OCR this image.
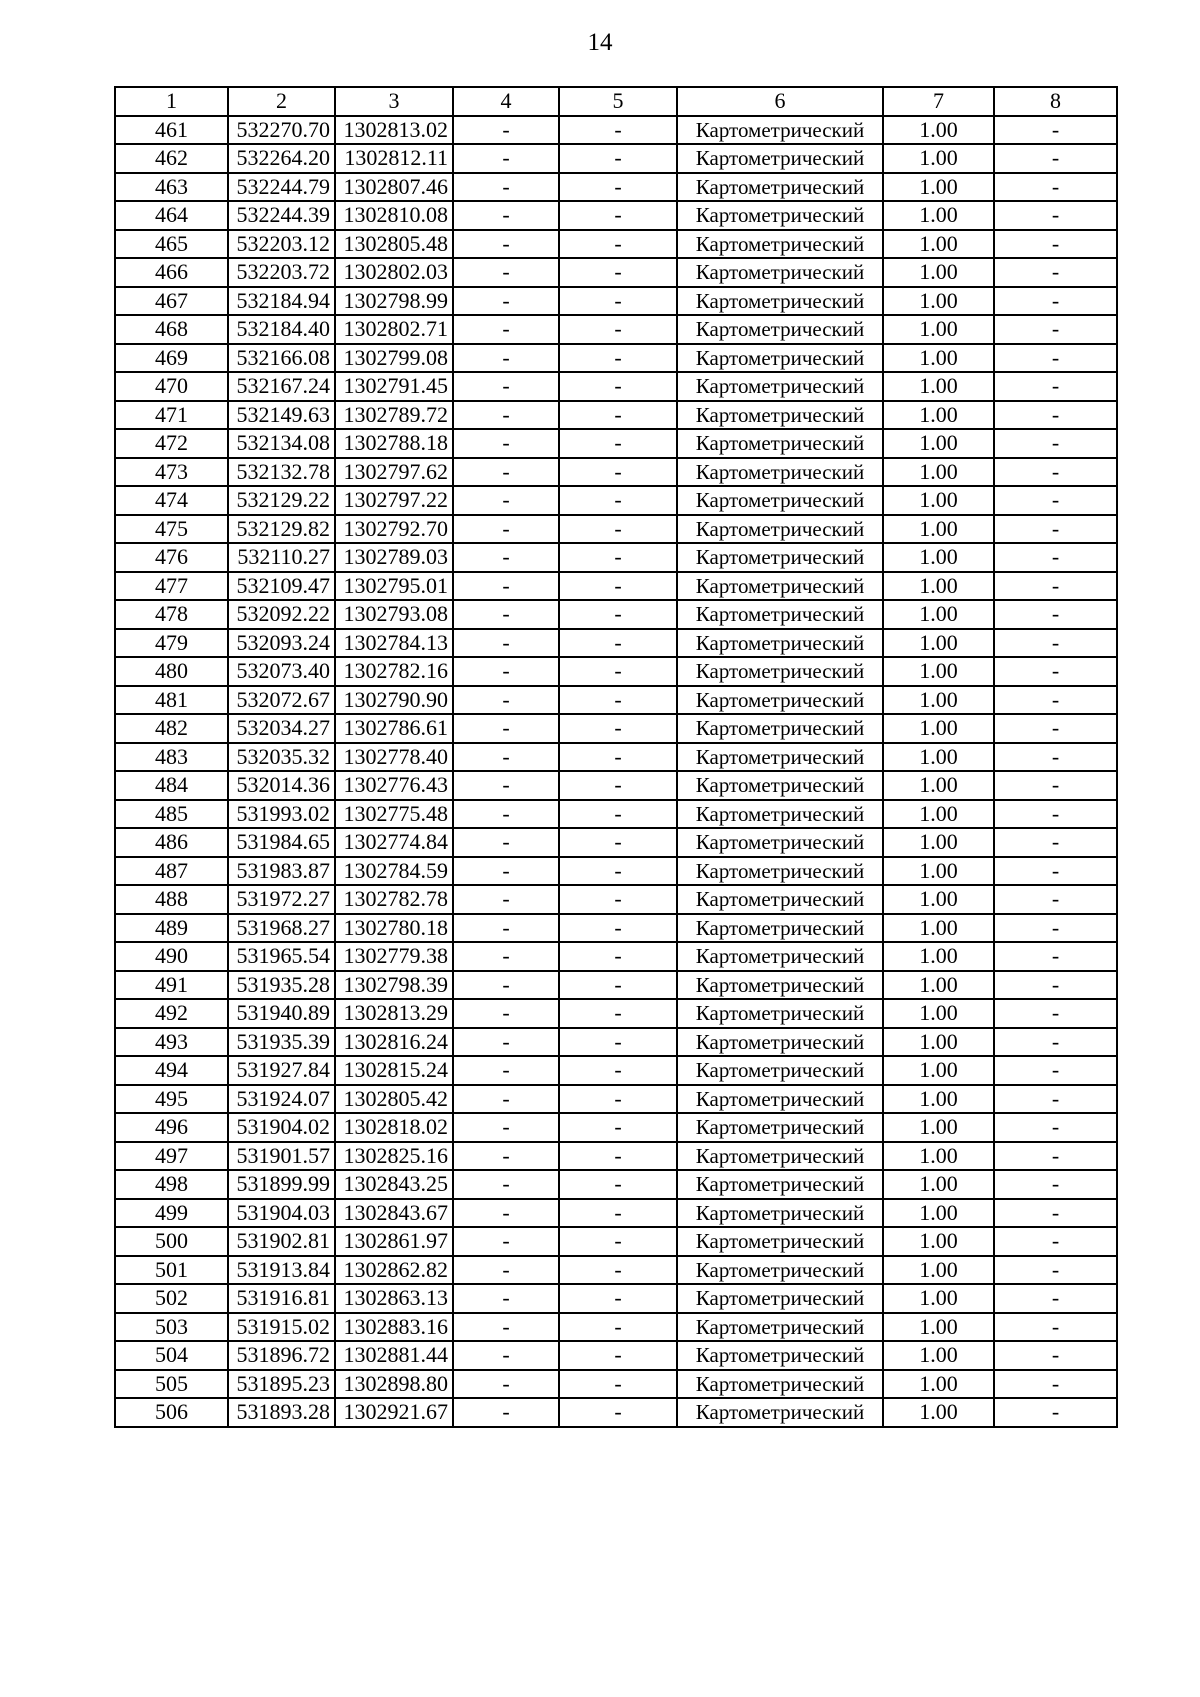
14
1	2	3	4	5	6	7	8
461	532270.70	1302813.02	-	-	Картометрический	1.00	-
462	532264.20	1302812.11	-	-	Картометрический	1.00	-
463	532244.79	1302807.46	-	-	Картометрический	1.00	-
464	532244.39	1302810.08	-	-	Картометрический	1.00	-
465	532203.12	1302805.48	-	-	Картометрический	1.00	-
466	532203.72	1302802.03	-	-	Картометрический	1.00	-
467	532184.94	1302798.99	-	-	Картометрический	1.00	-
468	532184.40	1302802.71	-	-	Картометрический	1.00	-
469	532166.08	1302799.08	-	-	Картометрический	1.00	-
470	532167.24	1302791.45	-	-	Картометрический	1.00	-
471	532149.63	1302789.72	-	-	Картометрический	1.00	-
472	532134.08	1302788.18	-	-	Картометрический	1.00	-
473	532132.78	1302797.62	-	-	Картометрический	1.00	-
474	532129.22	1302797.22	-	-	Картометрический	1.00	-
475	532129.82	1302792.70	-	-	Картометрический	1.00	-
476	532110.27	1302789.03	-	-	Картометрический	1.00	-
477	532109.47	1302795.01	-	-	Картометрический	1.00	-
478	532092.22	1302793.08	-	-	Картометрический	1.00	-
479	532093.24	1302784.13	-	-	Картометрический	1.00	-
480	532073.40	1302782.16	-	-	Картометрический	1.00	-
481	532072.67	1302790.90	-	-	Картометрический	1.00	-
482	532034.27	1302786.61	-	-	Картометрический	1.00	-
483	532035.32	1302778.40	-	-	Картометрический	1.00	-
484	532014.36	1302776.43	-	-	Картометрический	1.00	-
485	531993.02	1302775.48	-	-	Картометрический	1.00	-
486	531984.65	1302774.84	-	-	Картометрический	1.00	-
487	531983.87	1302784.59	-	-	Картометрический	1.00	-
488	531972.27	1302782.78	-	-	Картометрический	1.00	-
489	531968.27	1302780.18	-	-	Картометрический	1.00	-
490	531965.54	1302779.38	-	-	Картометрический	1.00	-
491	531935.28	1302798.39	-	-	Картометрический	1.00	-
492	531940.89	1302813.29	-	-	Картометрический	1.00	-
493	531935.39	1302816.24	-	-	Картометрический	1.00	-
494	531927.84	1302815.24	-	-	Картометрический	1.00	-
495	531924.07	1302805.42	-	-	Картометрический	1.00	-
496	531904.02	1302818.02	-	-	Картометрический	1.00	-
497	531901.57	1302825.16	-	-	Картометрический	1.00	-
498	531899.99	1302843.25	-	-	Картометрический	1.00	-
499	531904.03	1302843.67	-	-	Картометрический	1.00	-
500	531902.81	1302861.97	-	-	Картометрический	1.00	-
501	531913.84	1302862.82	-	-	Картометрический	1.00	-
502	531916.81	1302863.13	-	-	Картометрический	1.00	-
503	531915.02	1302883.16	-	-	Картометрический	1.00	-
504	531896.72	1302881.44	-	-	Картометрический	1.00	-
505	531895.23	1302898.80	-	-	Картометрический	1.00	-
506	531893.28	1302921.67	-	-	Картометрический	1.00	-
